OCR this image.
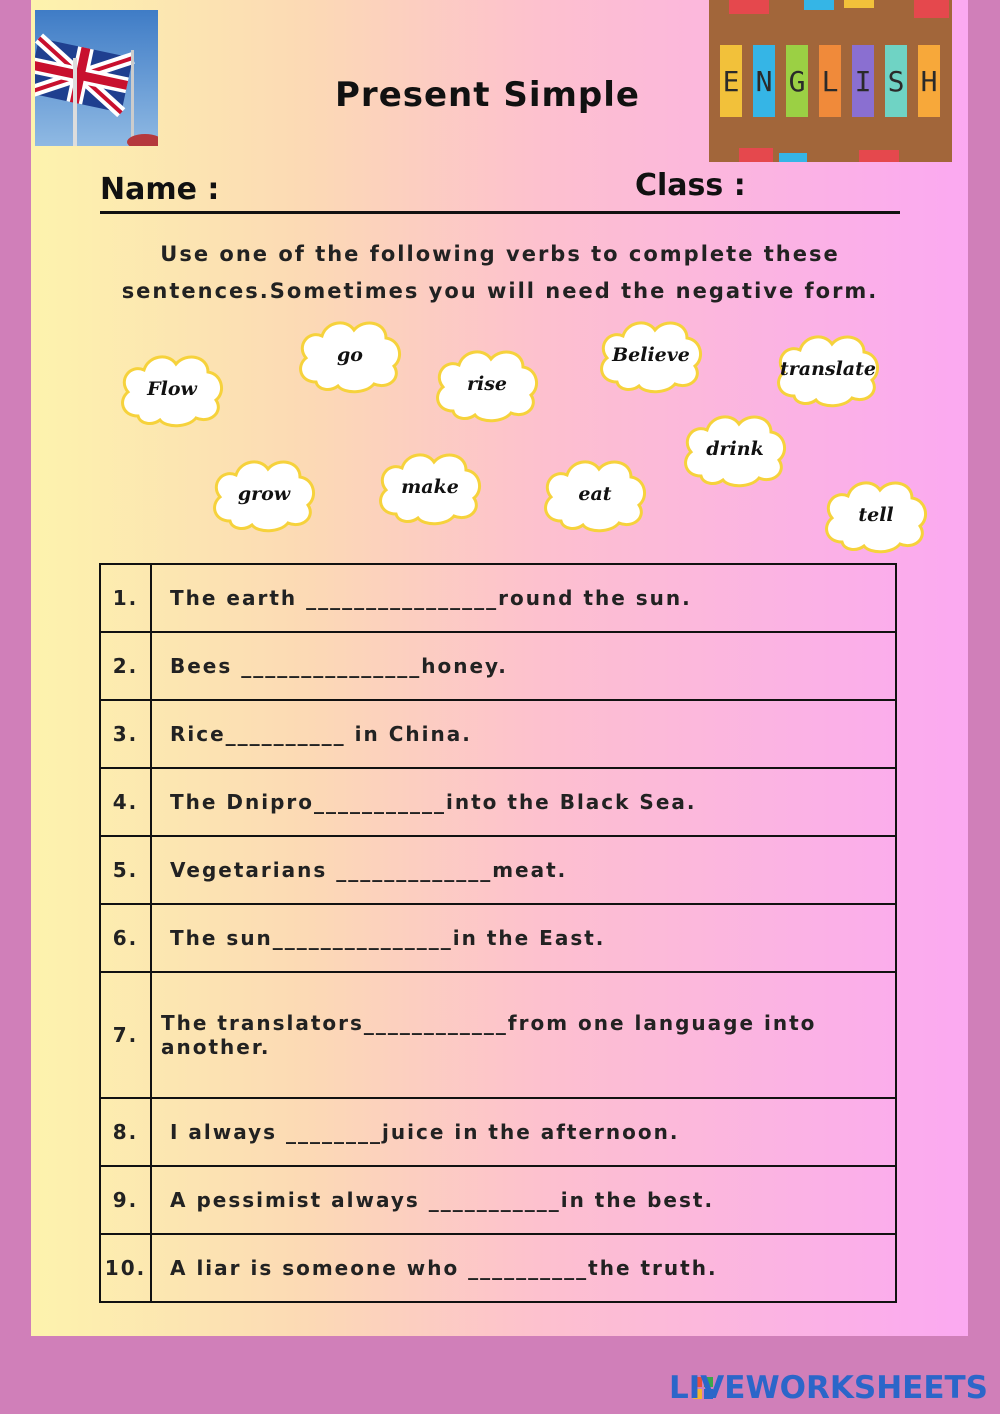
E N G L I S H
Present Simple
Name :	Class :
Use one of the following verbs to complete these sentences.Sometimes you will need the negative form.
Flow
go
rise
Believe
translate
drink
grow	make	eat
tell
1.	The earth ________________round the sun.
2.	Bees _______________honey.
3.	Rice__________ in China.
4.	The Dnipro___________into the Black Sea.
5.	Vegetarians _____________meat.
6.	The sun_______________in the East.
7.	The translators____________from one language into another.
8.	I always ________juice in the afternoon.
9.	A pessimist always ___________in the best.
10.	A liar is someone who __________the truth.
LIVEWORKSHEETS
